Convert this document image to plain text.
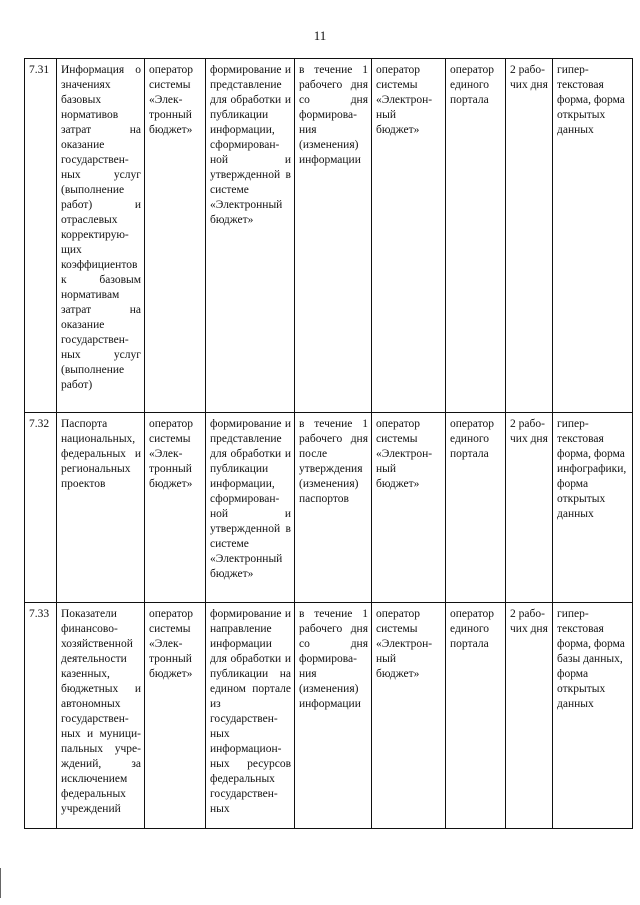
11
7.31	Информация о значениях базовых нормативов затрат на оказание государственных услуг (выполнение работ) и отраслевых корректирующих коэффициентов к базовым нормативам затрат на оказание государственных услуг (выполнение работ)	оператор системы «Электронный бюджет»	формирование и представление для обработки и публикации информации, сформированной и утвержденной в системе «Электронный бюджет»	в течение 1 рабочего дня со дня формирования (изменения) информации	оператор системы «Электронный бюджет»	оператор единого портала	2 рабочих дня	гипертекстовая форма, форма открытых данных
7.32	Паспорта национальных, федеральных и региональных проектов	оператор системы «Электронный бюджет»	формирование и представление для обработки и публикации информации, сформированной и утвержденной в системе «Электронный бюджет»	в течение 1 рабочего дня после утверждения (изменения) паспортов	оператор системы «Электронный бюджет»	оператор единого портала	2 рабочих дня	гипертекстовая форма, форма инфографики, форма открытых данных
7.33	Показатели финансово-хозяйственной деятельности казенных, бюджетных и автономных государственных и муниципальных учреждений, за исключением федеральных учреждений	оператор системы «Электронный бюджет»	формирование и направление информации для обработки и публикации на едином портале из государственных информационных ресурсов федеральных государственных	в течение 1 рабочего дня со дня формирования (изменения) информации	оператор системы «Электронный бюджет»	оператор единого портала	2 рабочих дня	гипертекстовая форма, форма базы данных, форма открытых данных
